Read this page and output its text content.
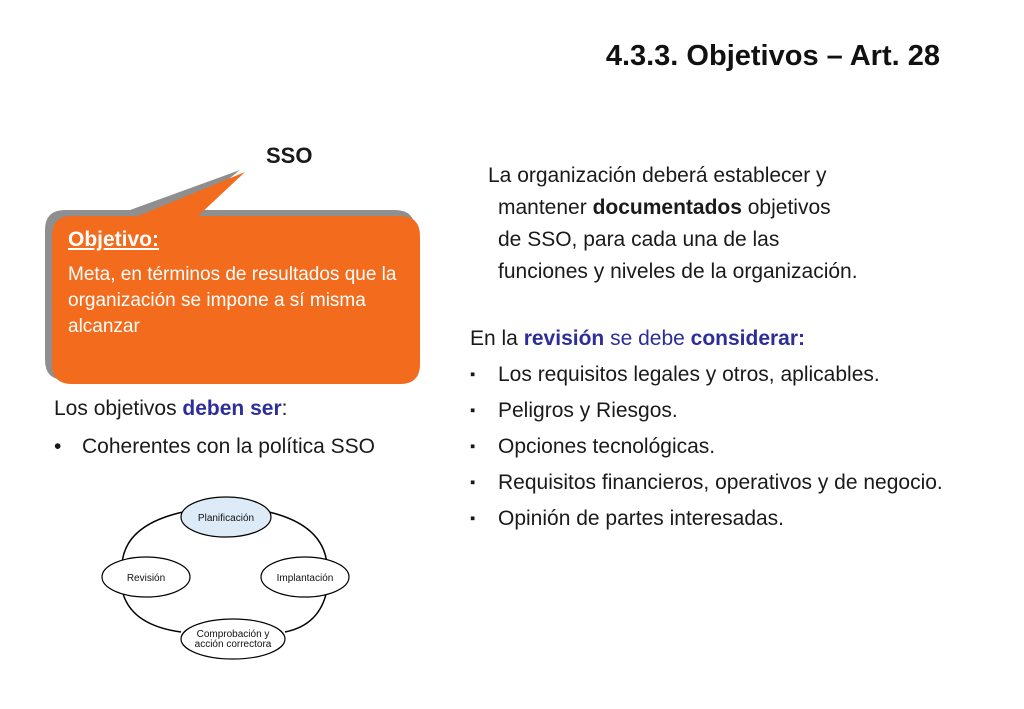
4.3.3. Objetivos – Art. 28
SSO
Objetivo:
Meta, en términos de resultados que la organización se impone a sí misma alcanzar
Los objetivos deben ser:
• Coherentes con la política SSO
La organización deberá establecer y
mantener documentados objetivos
de SSO, para cada una de las
funciones y niveles de la organización.
En la revisión se debe considerar:
▪	Los requisitos legales y otros, aplicables.
▪	Peligros y Riesgos.
▪	Opciones tecnológicas.
▪	Requisitos financieros, operativos y de negocio.
▪	Opinión de partes interesadas.
Planificación
Implantación
Comprobación y
acción correctora
Revisión
